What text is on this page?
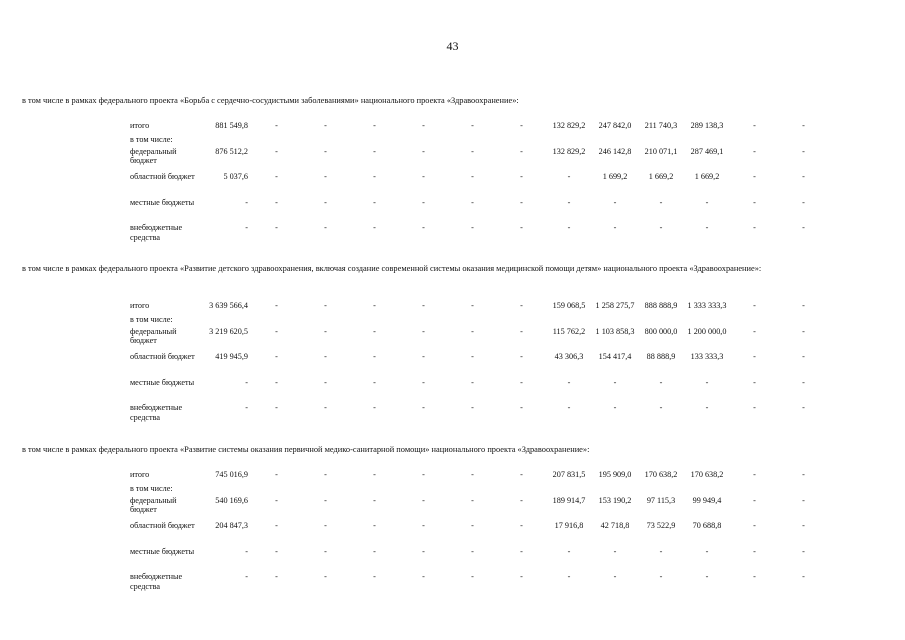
43
в том числе в рамках федерального проекта «Борьба с сердечно-сосудистыми заболеваниями» национального проекта «Здравоохранение»:
итого	881 549,8	-	-	-	-	-	-	132 829,2	247 842,0	211 740,3	289 138,3	-	-
в том числе:													
федеральный бюджет	876 512,2	-	-	-	-	-	-	132 829,2	246 142,8	210 071,1	287 469,1	-	-
областной бюджет	5 037,6	-	-	-	-	-	-	-	1 699,2	1 669,2	1 669,2	-	-
местные бюджеты	-	-	-	-	-	-	-	-	-	-	-	-	-
внебюджетные средства	-	-	-	-	-	-	-	-	-	-	-	-	-
в том числе в рамках федерального проекта «Развитие детского здравоохранения, включая создание современной системы оказания медицинской помощи детям» национального проекта «Здравоохранение»:
итого	3 639 566,4	-	-	-	-	-	-	159 068,5	1 258 275,7	888 888,9	1 333 333,3	-	-
в том числе:													
федеральный бюджет	3 219 620,5	-	-	-	-	-	-	115 762,2	1 103 858,3	800 000,0	1 200 000,0	-	-
областной бюджет	419 945,9	-	-	-	-	-	-	43 306,3	154 417,4	88 888,9	133 333,3	-	-
местные бюджеты	-	-	-	-	-	-	-	-	-	-	-	-	-
внебюджетные средства	-	-	-	-	-	-	-	-	-	-	-	-	-
в том числе в рамках федерального проекта «Развитие системы оказания первичной медико-санитарной помощи» национального проекта «Здравоохранение»:
итого	745 016,9	-	-	-	-	-	-	207 831,5	195 909,0	170 638,2	170 638,2	-	-
в том числе:													
федеральный бюджет	540 169,6	-	-	-	-	-	-	189 914,7	153 190,2	97 115,3	99 949,4	-	-
областной бюджет	204 847,3	-	-	-	-	-	-	17 916,8	42 718,8	73 522,9	70 688,8	-	-
местные бюджеты	-	-	-	-	-	-	-	-	-	-	-	-	-
внебюджетные средства	-	-	-	-	-	-	-	-	-	-	-	-	-
